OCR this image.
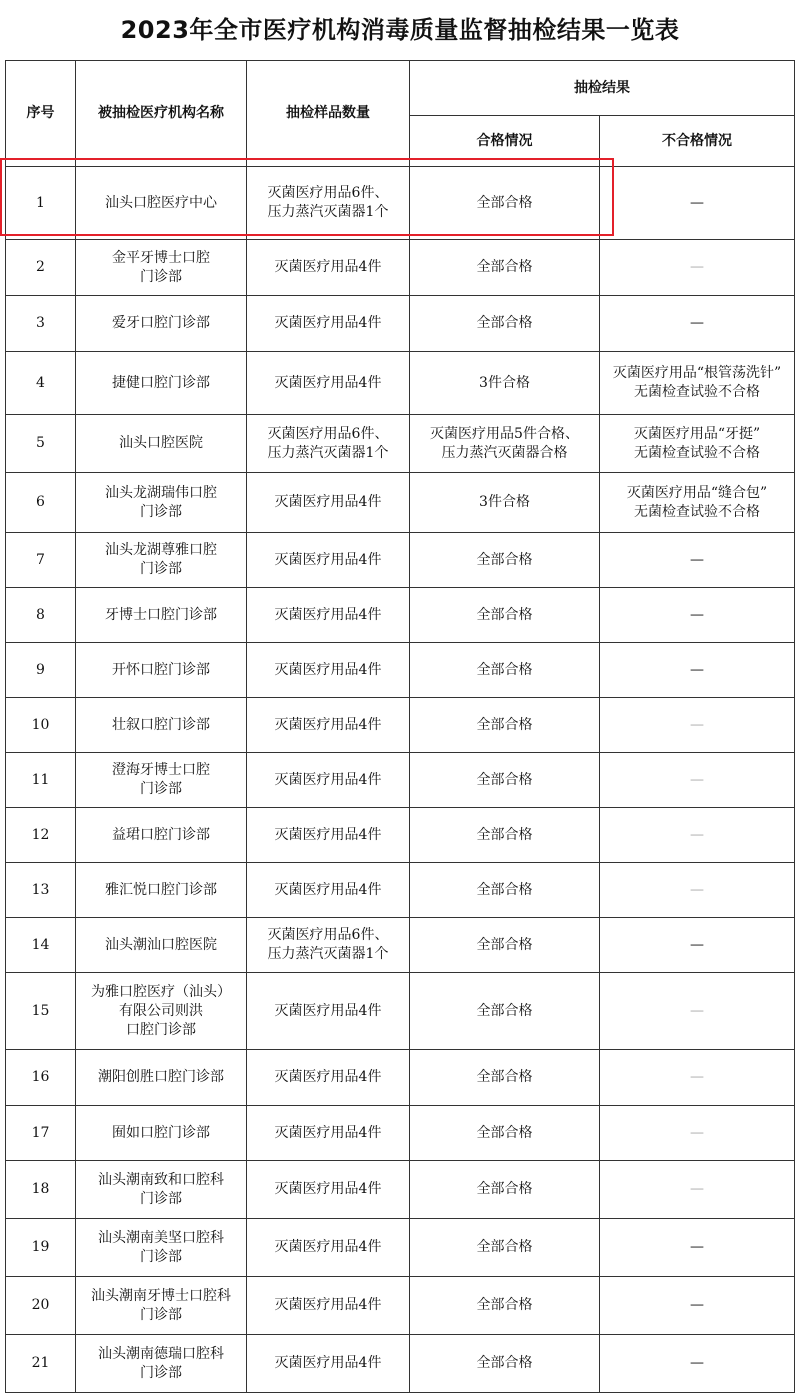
2023年全市医疗机构消毒质量监督抽检结果一览表
序号	被抽检医疗机构名称	抽检样品数量	抽检结果	
			合格情况	不合格情况
1	汕头口腔医疗中心	灭菌医疗用品6件、
压力蒸汽灭菌器1个	全部合格	—
2	金平牙博士口腔
门诊部	灭菌医疗用品4件	全部合格	—
3	爱牙口腔门诊部	灭菌医疗用品4件	全部合格	—
4	捷健口腔门诊部	灭菌医疗用品4件	3件合格	灭菌医疗用品“根管荡洗针”
无菌检查试验不合格
5	汕头口腔医院	灭菌医疗用品6件、
压力蒸汽灭菌器1个	灭菌医疗用品5件合格、
压力蒸汽灭菌器合格	灭菌医疗用品“牙挺”
无菌检查试验不合格
6	汕头龙湖瑞伟口腔
门诊部	灭菌医疗用品4件	3件合格	灭菌医疗用品“缝合包”
无菌检查试验不合格
7	汕头龙湖尊雅口腔
门诊部	灭菌医疗用品4件	全部合格	—
8	牙博士口腔门诊部	灭菌医疗用品4件	全部合格	—
9	开怀口腔门诊部	灭菌医疗用品4件	全部合格	—
10	壮叙口腔门诊部	灭菌医疗用品4件	全部合格	—
11	澄海牙博士口腔
门诊部	灭菌医疗用品4件	全部合格	—
12	益珺口腔门诊部	灭菌医疗用品4件	全部合格	—
13	雅汇悦口腔门诊部	灭菌医疗用品4件	全部合格	—
14	汕头潮汕口腔医院	灭菌医疗用品6件、
压力蒸汽灭菌器1个	全部合格	—
15	为雅口腔医疗（汕头）
有限公司则洪
口腔门诊部	灭菌医疗用品4件	全部合格	—
16	潮阳创胜口腔门诊部	灭菌医疗用品4件	全部合格	—
17	囿如口腔门诊部	灭菌医疗用品4件	全部合格	—
18	汕头潮南致和口腔科
门诊部	灭菌医疗用品4件	全部合格	—
19	汕头潮南美坚口腔科
门诊部	灭菌医疗用品4件	全部合格	—
20	汕头潮南牙博士口腔科
门诊部	灭菌医疗用品4件	全部合格	—
21	汕头潮南德瑞口腔科
门诊部	灭菌医疗用品4件	全部合格	—
